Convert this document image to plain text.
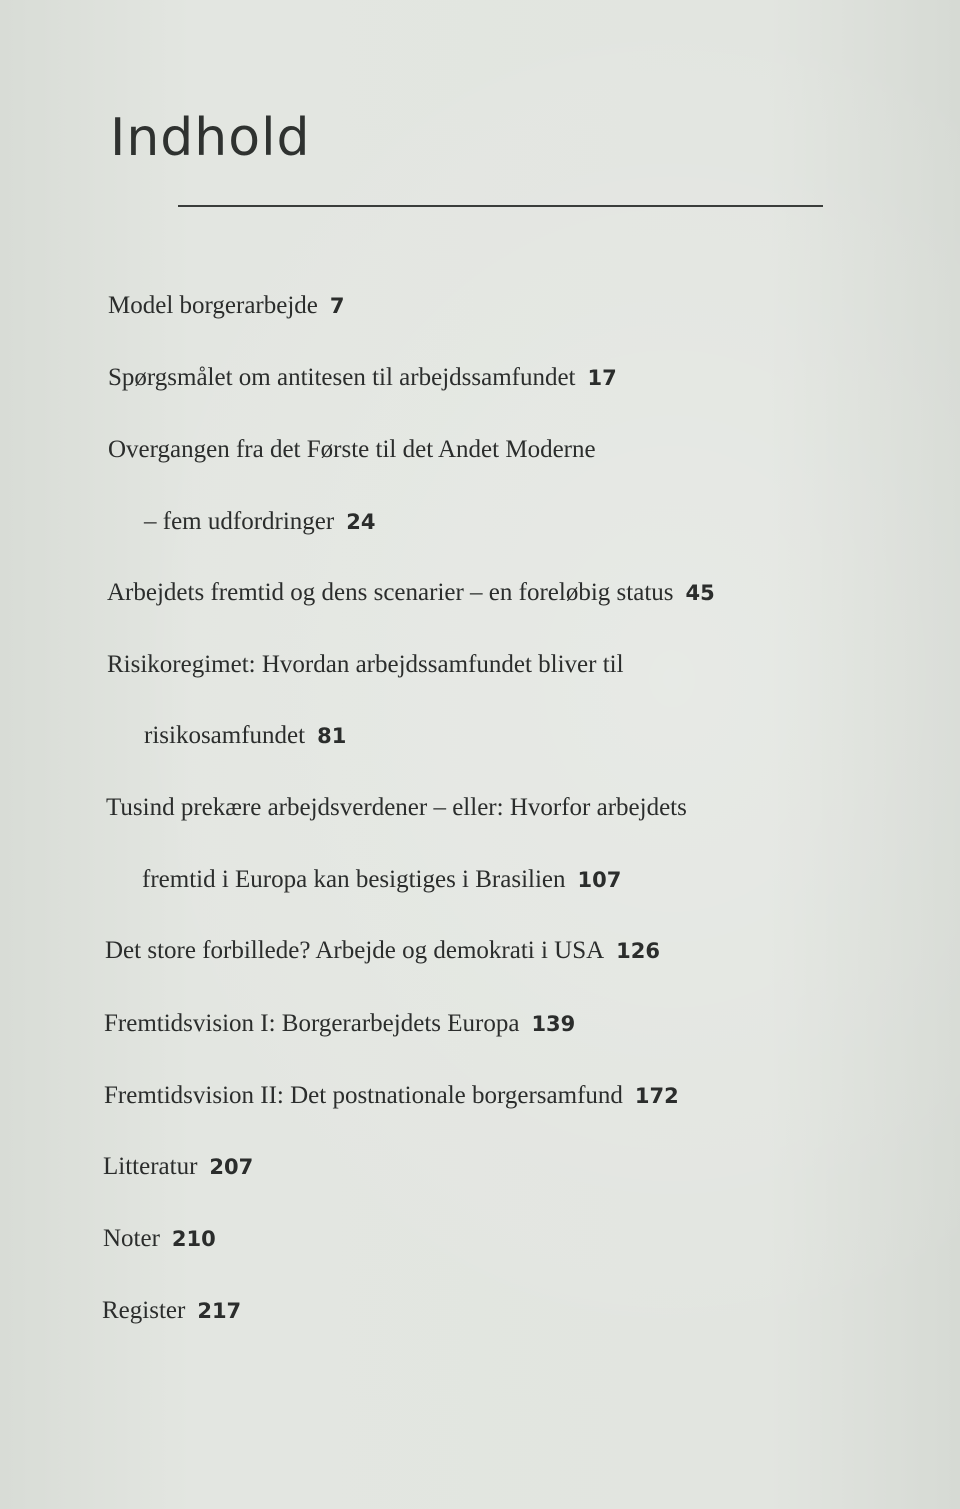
Indhold
Model borgerarbejde 7
Spørgsmålet om antitesen til arbejdssamfundet 17
Overgangen fra det Første til det Andet Moderne
– fem udfordringer 24
Arbejdets fremtid og dens scenarier – en foreløbig status 45
Risikoregimet: Hvordan arbejdssamfundet bliver til
risikosamfundet 81
Tusind prekære arbejdsverdener – eller: Hvorfor arbejdets
fremtid i Europa kan besigtiges i Brasilien 107
Det store forbillede? Arbejde og demokrati i USA 126
Fremtidsvision I: Borgerarbejdets Europa 139
Fremtidsvision II: Det postnationale borgersamfund 172
Litteratur 207
Noter 210
Register 217
